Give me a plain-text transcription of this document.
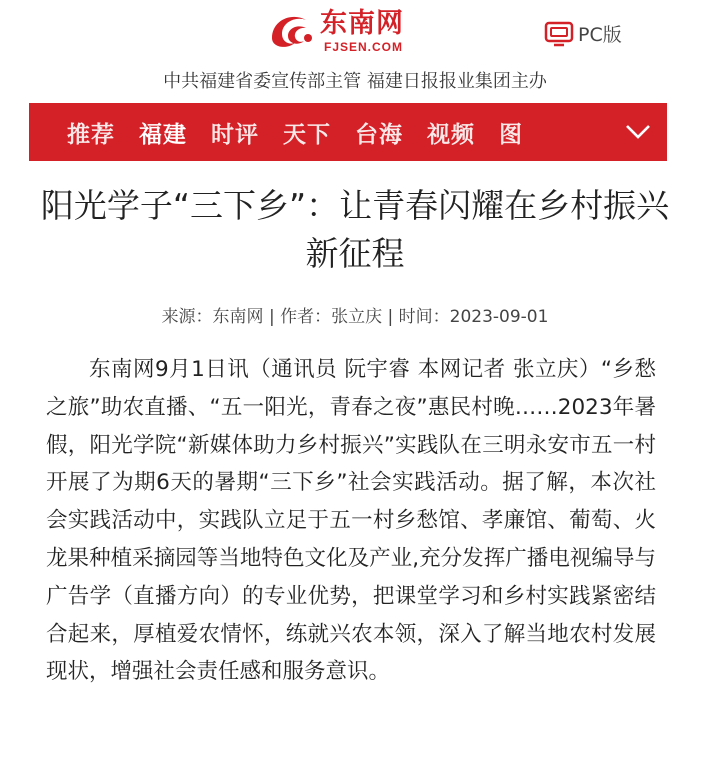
东南网
FJSEN.COM
PC版
中共福建省委宣传部主管 福建日报报业集团主办
推荐 福建 时评 天下 台海 视频 图
阳光学子“三下乡”：让青春闪耀在乡村振兴新征程
来源：东南网 | 作者：张立庆 | 时间：2023-09-01

东南网9月1日讯（通讯员 阮宇睿 本网记者 张立庆）“乡愁之旅”助农直播、“五一阳光，青春之夜”惠民村晚……2023年暑假，阳光学院“新媒体助力乡村振兴”实践队在三明永安市五一村开展了为期6天的暑期“三下乡”社会实践活动。据了解，本次社会实践活动中，实践队立足于五一村乡愁馆、孝廉馆、葡萄、火龙果种植采摘园等当地特色文化及产业,充分发挥广播电视编导与广告学（直播方向）的专业优势，把课堂学习和乡村实践紧密结合起来，厚植爱农情怀，练就兴农本领，深入了解当地农村发展现状，增强社会责任感和服务意识。
